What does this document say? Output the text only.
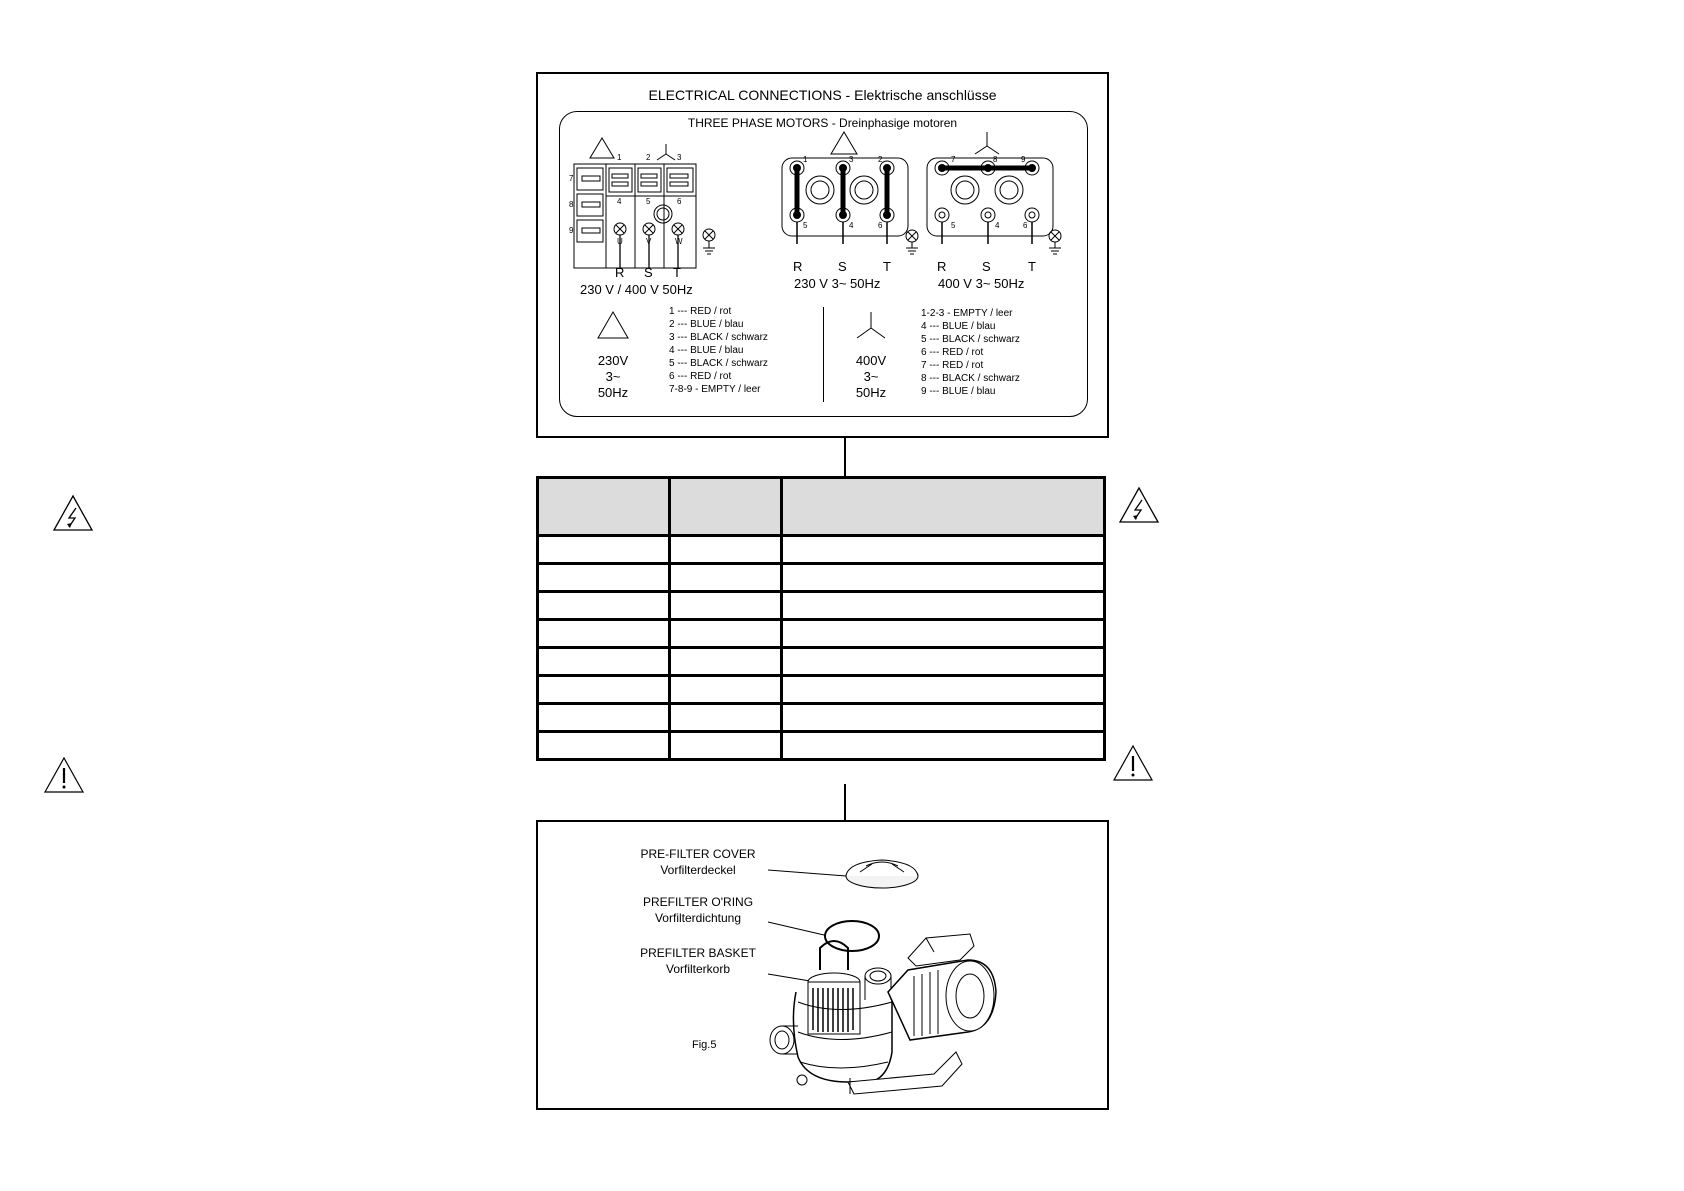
ELECTRICAL CONNECTIONS - Elektrische anschlüsse
THREE PHASE MOTORS - Dreinphasige motoren
1	2	3
7
8
9
4	5	6
U	V	W
R S T
230 V / 400 V 50Hz
1	3	2
5	4	6
R	S	T
230 V 3~ 50Hz
7	8	9
5	4	6
R	S	T
400 V 3~ 50Hz
230V
3~
50Hz
1 --- RED / rot
2 --- BLUE / blau
3 --- BLACK / schwarz
4 --- BLUE / blau
5 --- BLACK / schwarz
6 --- RED / rot
7-8-9 - EMPTY / leer
400V
3~
50Hz
1-2-3 - EMPTY / leer
4 --- BLUE / blau
5 --- BLACK / schwarz
6 --- RED / rot
7 --- RED / rot
8 --- BLACK / schwarz
9 --- BLUE / blau

PRE-FILTER COVER
Vorfilterdeckel
PREFILTER O'RING
Vorfilterdichtung
PREFILTER BASKET
Vorfilterkorb
Fig.5
